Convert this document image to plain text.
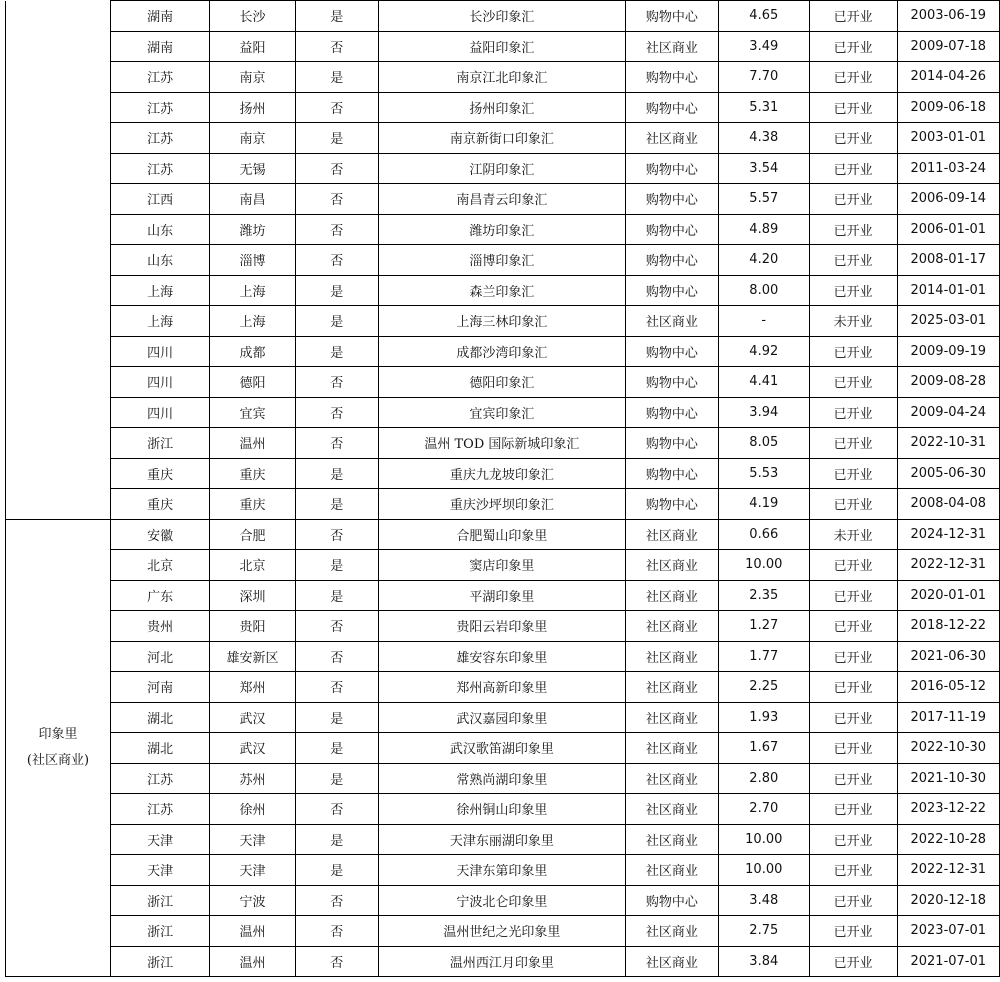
	湖南	长沙	是	长沙印象汇	购物中心	4.65	已开业	2003-06-19
	湖南	益阳	否	益阳印象汇	社区商业	3.49	已开业	2009-07-18
	江苏	南京	是	南京江北印象汇	购物中心	7.70	已开业	2014-04-26
	江苏	扬州	否	扬州印象汇	购物中心	5.31	已开业	2009-06-18
	江苏	南京	是	南京新街口印象汇	社区商业	4.38	已开业	2003-01-01
	江苏	无锡	否	江阴印象汇	购物中心	3.54	已开业	2011-03-24
	江西	南昌	否	南昌青云印象汇	购物中心	5.57	已开业	2006-09-14
	山东	潍坊	否	潍坊印象汇	购物中心	4.89	已开业	2006-01-01
	山东	淄博	否	淄博印象汇	购物中心	4.20	已开业	2008-01-17
	上海	上海	是	森兰印象汇	购物中心	8.00	已开业	2014-01-01
	上海	上海	是	上海三林印象汇	社区商业	-	未开业	2025-03-01
	四川	成都	是	成都沙湾印象汇	购物中心	4.92	已开业	2009-09-19
	四川	德阳	否	德阳印象汇	购物中心	4.41	已开业	2009-08-28
	四川	宜宾	否	宜宾印象汇	购物中心	3.94	已开业	2009-04-24
	浙江	温州	否	温州 TOD 国际新城印象汇	购物中心	8.05	已开业	2022-10-31
	重庆	重庆	是	重庆九龙坡印象汇	购物中心	5.53	已开业	2005-06-30
	重庆	重庆	是	重庆沙坪坝印象汇	购物中心	4.19	已开业	2008-04-08

印象里
(社区商业)	安徽	合肥	否	合肥蜀山印象里	社区商业	0.66	未开业	2024-12-31
	北京	北京	是	窦店印象里	社区商业	10.00	已开业	2022-12-31
	广东	深圳	是	平湖印象里	社区商业	2.35	已开业	2020-01-01
	贵州	贵阳	否	贵阳云岩印象里	社区商业	1.27	已开业	2018-12-22
	河北	雄安新区	否	雄安容东印象里	社区商业	1.77	已开业	2021-06-30
	河南	郑州	否	郑州高新印象里	社区商业	2.25	已开业	2016-05-12
	湖北	武汉	是	武汉嘉园印象里	社区商业	1.93	已开业	2017-11-19
	湖北	武汉	是	武汉歌笛湖印象里	社区商业	1.67	已开业	2022-10-30
	江苏	苏州	是	常熟尚湖印象里	社区商业	2.80	已开业	2021-10-30
	江苏	徐州	否	徐州铜山印象里	社区商业	2.70	已开业	2023-12-22
	天津	天津	是	天津东丽湖印象里	社区商业	10.00	已开业	2022-10-28
	天津	天津	是	天津东第印象里	社区商业	10.00	已开业	2022-12-31
	浙江	宁波	否	宁波北仑印象里	购物中心	3.48	已开业	2020-12-18
	浙江	温州	否	温州世纪之光印象里	社区商业	2.75	已开业	2023-07-01
	浙江	温州	否	温州西江月印象里	社区商业	3.84	已开业	2021-07-01
